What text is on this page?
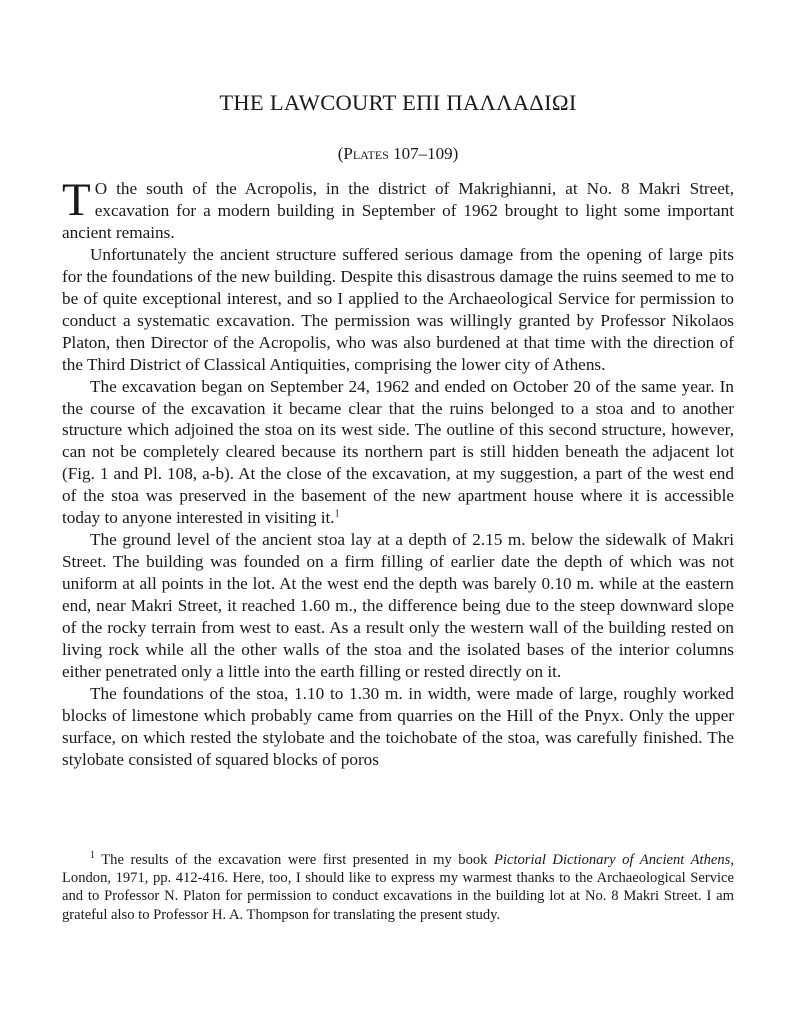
THE LAWCOURT ΕΠΙ ΠΑΛΛΑΔΙΩΙ
(Plates 107–109)

T O the south of the Acropolis, in the district of Makrighianni, at No. 8 Makri Street, excavation for a modern building in September of 1962 brought to light some important ancient remains.

Unfortunately the ancient structure suffered serious damage from the opening of large pits for the foundations of the new building. Despite this disastrous damage the ruins seemed to me to be of quite exceptional interest, and so I applied to the Archaeological Service for permission to conduct a systematic excavation. The permission was willingly granted by Professor Nikolaos Platon, then Director of the Acropolis, who was also burdened at that time with the direction of the Third District of Classical Antiquities, comprising the lower city of Athens.

The excavation began on September 24, 1962 and ended on October 20 of the same year. In the course of the excavation it became clear that the ruins belonged to a stoa and to another structure which adjoined the stoa on its west side. The outline of this second structure, however, can not be completely cleared because its northern part is still hidden beneath the adjacent lot (Fig. 1 and Pl. 108, a-b). At the close of the excavation, at my suggestion, a part of the west end of the stoa was preserved in the basement of the new apartment house where it is accessible today to anyone interested in visiting it.$^1$

The ground level of the ancient stoa lay at a depth of 2.15 m. below the sidewalk of Makri Street. The building was founded on a firm filling of earlier date the depth of which was not uniform at all points in the lot. At the west end the depth was barely 0.10 m. while at the eastern end, near Makri Street, it reached 1.60 m., the difference being due to the steep downward slope of the rocky terrain from west to east. As a result only the western wall of the building rested on living rock while all the other walls of the stoa and the isolated bases of the interior columns either penetrated only a little into the earth filling or rested directly on it.

The foundations of the stoa, 1.10 to 1.30 m. in width, were made of large, roughly worked blocks of limestone which probably came from quarries on the Hill of the Pnyx. Only the upper surface, on which rested the stylobate and the toichobate of the stoa, was carefully finished. The stylobate consisted of squared blocks of poros

$^1$ The results of the excavation were first presented in my book Pictorial Dictionary of Ancient Athens, London, 1971, pp. 412-416. Here, too, I should like to express my warmest thanks to the Archaeological Service and to Professor N. Platon for permission to conduct excavations in the building lot at No. 8 Makri Street. I am grateful also to Professor H. A. Thompson for translating the present study.
